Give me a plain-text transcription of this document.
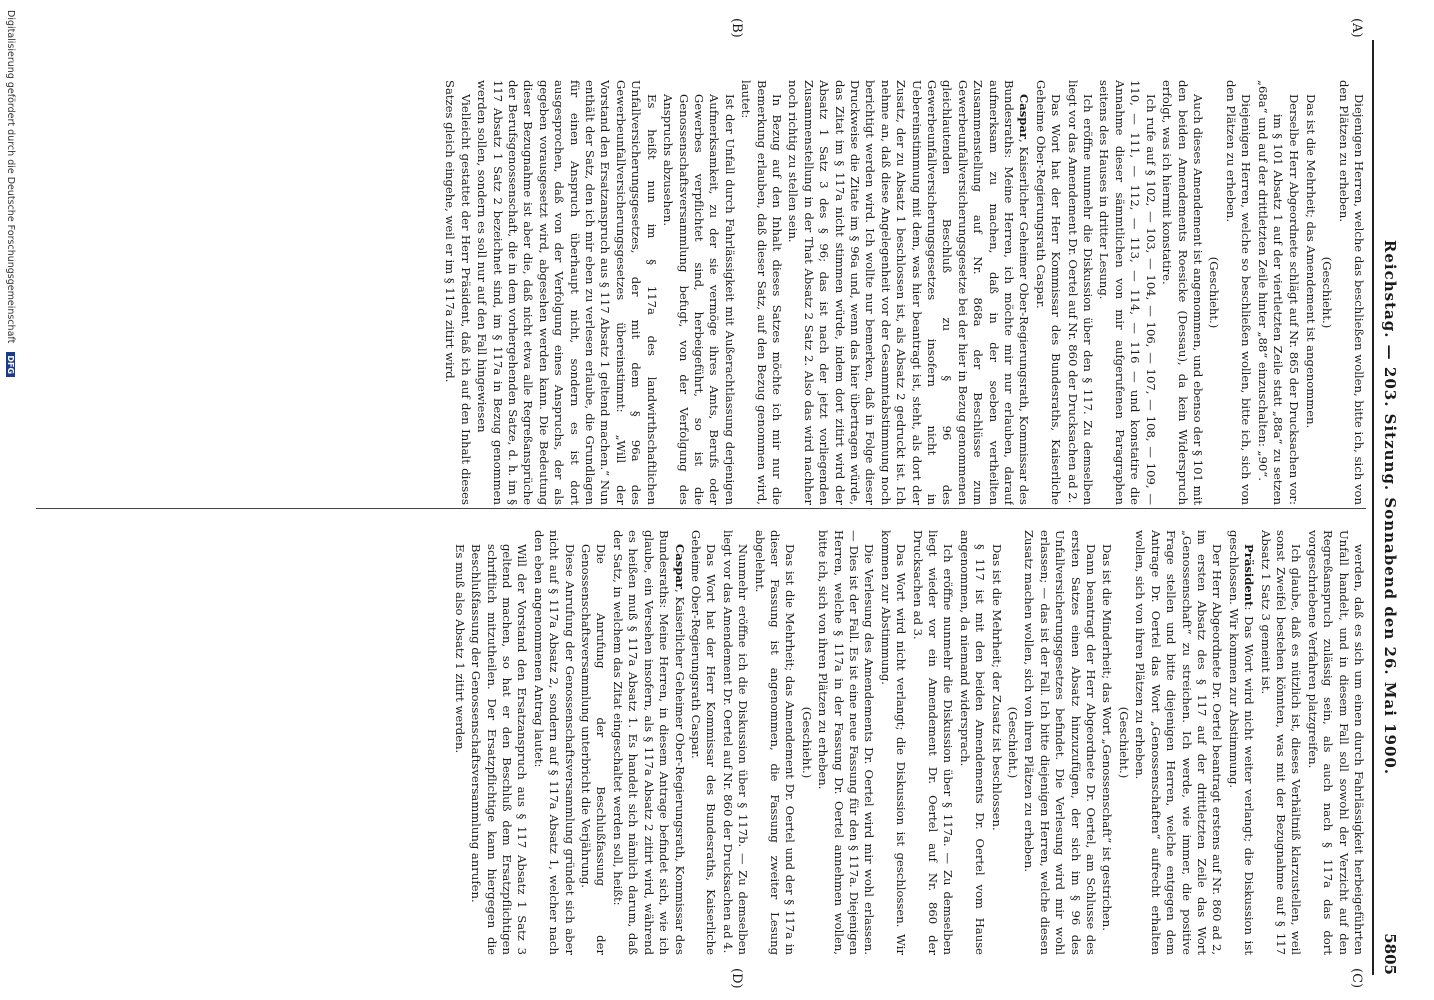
Reichstag. — 203. Sitzung. Sonnabend den 26. Mai 1900.
5805
(A)
(B)
(C)
(D)

Diejenigen Herren, welche das beschließen wollen, bitte ich, sich von den Plätzen zu erheben.

(Geschieht.)

Das ist die Mehrheit; das Amendement ist angenommen.

Derselbe Herr Abgeordnete schlägt auf Nr. 865 der Drucksachen vor:

im § 101 Absatz 1 auf der viertletzten Zeile statt „88a“ zu setzen „68a“ und auf der drittletzten Zeile hinter „88“ einzuschalten: „90“.

Diejenigen Herren, welche so beschließen wollen, bitte ich, sich von den Plätzen zu erheben.

(Geschieht.)

Auch dieses Amendement ist angenommen, und ebenso der § 101 mit den beiden Amendements Roesicke (Dessau), da kein Widerspruch erfolgt, was ich hiermit konstatire.

Ich rufe auf § 102, — 103, — 104, — 106, — 107, — 108, — 109, — 110, — 111, — 112, — 113, — 114, — 116 — und konstatire die Annahme dieser sämmtlichen von mir aufgerufenen Paragraphen seitens des Hauses in dritter Lesung.

Ich eröffne nunmehr die Diskussion über den § 117. Zu demselben liegt vor das Amendement Dr. Oertel auf Nr. 860 der Drucksachen ad 2.

Das Wort hat der Herr Kommissar des Bundesraths, Kaiserliche Geheime Ober-Regierungsrath Caspar.

Caspar, Kaiserlicher Geheimer Ober-Regierungsrath, Kommissar des Bundesraths: Meine Herren, ich möchte mir nur erlauben, darauf aufmerksam zu machen, daß in der soeben vertheilten Zusammenstellung auf Nr. 868a der Beschlüsse zum Gewerbeunfallversicherungsgesetze bei der hier in Bezug genommenen gleichlautenden Beschluß zu § 96 des Gewerbeunfallversicherungsgesetzes insofern nicht in Uebereinstimmung mit dem, was hier beantragt ist, steht, als dort der Zusatz, der zu Absatz 1 beschlossen ist, als Absatz 2 gedruckt ist. Ich nehme an, daß diese Angelegenheit vor der Gesammtabstimmung noch berichtigt werden wird. Ich wollte nur bemerken, daß in Folge dieser Druckweise die Zitate im § 96a und, wenn das hier übertragen würde, das Zitat im § 117a nicht stimmen würde, indem dort zitirt wird der Absatz 1 Satz 3 des § 96; das ist nach der jetzt vorliegenden Zusammenstellung in der That Absatz 2 Satz 2. Also das wird nachher noch richtig zu stellen sein.

In Bezug auf den Inhalt dieses Satzes möchte ich mir nur die Bemerkung erlauben, daß dieser Satz, auf den Bezug genommen wird, lautet:

Ist der Unfall durch Fahrlässigkeit mit Außerachtlassung derjenigen Aufmerksamkeit, zu der sie vermöge ihres Amts, Berufs oder Gewerbes verpflichtet sind, herbeigeführt, so ist die Genossenschaftsversammlung befugt, von der Verfolgung des Anspruchs abzusehen.

Es heißt nun im § 117a des landwirthschaftlichen Unfallversicherungsgesetzes, der mit dem § 96a des Gewerbeunfallversicherungsgesetzes übereinstimmt: „Will der Vorstand den Ersatzanspruch aus § 117 Absatz 1 geltend machen.“ Nun enthält der Satz, den ich mir eben zu verlesen erlaube, die Grundlagen für einen Anspruch überhaupt nicht, sondern es ist dort ausgesprochen, daß von der Verfolgung eines Anspruchs, der als gegeben vorausgesetzt wird, abgesehen werden kann. Die Bedeutung dieser Bezugnahme ist aber die, daß nicht etwa alle Regreßansprüche der Berufsgenossenschaft, die in dem vorhergehenden Satze, d. h. im § 117 Absatz 1 Satz 2 bezeichnet sind, im § 117a in Bezug genommen werden sollen, sondern es soll nur auf den Fall hingewiesen

Vielleicht gestattet der Herr Präsident, daß ich auf den Inhalt dieses Satzes gleich eingehe, weil er im § 117a zitirt wird.

werden, daß es sich um einen durch Fahrlässigkeit herbeigeführten Unfall handelt, und in diesem Fall soll sowohl der Verzicht auf den Regreßanspruch zulässig sein, als auch nach § 117a das dort vorgeschriebene Verfahren platzgreifen.

Ich glaube, daß es nützlich ist, dieses Verhältniß klarzustellen, weil sonst Zweifel bestehen könnten, was mit der Bezugnahme auf § 117 Absatz 1 Satz 3 gemeint ist.

Präsident: Das Wort wird nicht weiter verlangt; die Diskussion ist geschlossen. Wir kommen zur Abstimmung.

Der Herr Abgeordnete Dr. Oertel beantragt erstens auf Nr. 860 ad 2, im ersten Absatz des § 117 auf der drittletzten Zeile das Wort „Genossenschaft“ zu streichen. Ich werde, wie immer, die positive Frage stellen und bitte diejenigen Herren, welche entgegen dem Antrage Dr. Oertel das Wort „Genossenschaften“ aufrecht erhalten wollen, sich von ihren Plätzen zu erheben.

(Geschieht.)

Das ist die Minderheit; das Wort „Genossenschaft“ ist gestrichen.

Dann beantragt der Herr Abgeordnete Dr. Oertel, am Schlusse des ersten Satzes einen Absatz hinzuzufügen, der sich im § 96 des Unfallversicherungsgesetzes befindet. Die Verlesung wird mir wohl erlassen; — das ist der Fall. Ich bitte diejenigen Herren, welche diesen Zusatz machen wollen, sich von ihren Plätzen zu erheben.

(Geschieht.)

Das ist die Mehrheit; der Zusatz ist beschlossen.

§ 117 ist mit den beiden Amendements Dr. Oertel vom Hause angenommen, da niemand widersprach.

Ich eröffne nunmehr die Diskussion über § 117a. — Zu demselben liegt wieder vor ein Amendement Dr. Oertel auf Nr. 860 der Drucksachen ad 3.

Das Wort wird nicht verlangt; die Diskussion ist geschlossen. Wir kommen zur Abstimmung.

Die Verlesung des Amendements Dr. Oertel wird mir wohl erlassen. — Dies ist der Fall. Es ist eine neue Fassung für den § 117a. Diejenigen Herren, welche § 117a in der Fassung Dr. Oertel annehmen wollen, bitte ich, sich von ihren Plätzen zu erheben.

(Geschieht.)

Das ist die Mehrheit; das Amendement Dr. Oertel und der § 117a in dieser Fassung ist angenommen, die Fassung zweiter Lesung abgelehnt.

Nunmehr eröffne ich die Diskussion über § 117b. — Zu demselben liegt vor das Amendement Dr. Oertel auf Nr. 860 der Drucksachen ad 4.

Das Wort hat der Herr Kommissar des Bundesraths, Kaiserliche Geheime Ober-Regierungsrath Caspar.

Caspar, Kaiserlicher Geheimer Ober-Regierungsrath, Kommissar des Bundesraths: Meine Herren, in diesem Antrage befindet sich, wie ich glaube, ein Versehen insofern, als § 117a Absatz 2 zitirt wird, während es heißen muß § 117a Absatz 1. Es handelt sich nämlich darum, daß der Satz, in welchem das Zitat eingeschaltet werden soll, heißt:

Die Anrufung der Beschlußfassung der Genossenschaftsversammlung unterbricht die Verjährung.

Diese Anrufung der Genossenschaftsversammlung gründet sich aber nicht auf § 117a Absatz 2, sondern auf § 117a Absatz 1, welcher nach den eben angenommenen Antrag lautet:

Will der Vorstand den Ersatzanspruch aus § 117 Absatz 1 Satz 3 geltend machen, so hat er den Beschluß dem Ersatzpflichtigen schriftlich mitzutheilen. Der Ersatzpflichtige kann hiergegen die Beschlußfassung der Genossenschaftsversammlung anrufen.

Es muß also Absatz 1 zitirt werden.

Digitalisierung gefördert durch die Deutsche Forschungsgemeinschaft DFG
